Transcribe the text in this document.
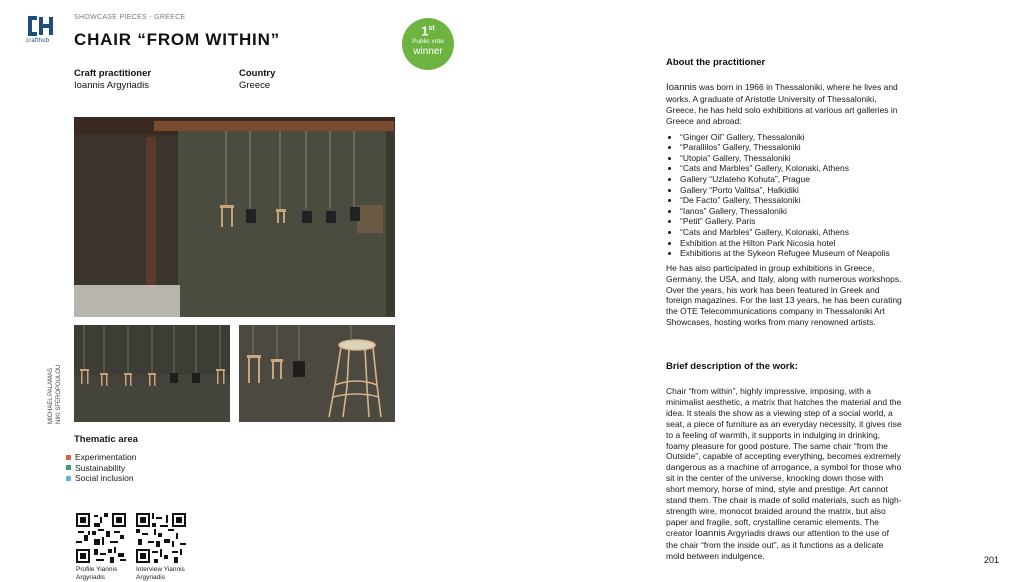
crafthub
SHOWCASE PIECES - GREECE
CHAIR “FROM WITHIN”	1st
Public vote
winner
Craft practitioner
Ioannis Argyriadis
Country
Greece
MICHAEL PALAMAS NIKI SFEROPOULOU
Thematic area
Experimentation
Sustainability
Social inclusion
Profile Yiannis
Argyriadis
Interview Yiannis
Argyriadis
About the practitioner

Ioannis was born in 1966 in Thessaloniki, where he lives and works. A graduate of Aristotle University of Thessaloniki, Greece, he has held solo exhibitions at various art galleries in Greece and abroad:

• “Ginger Oil” Gallery, Thessaloniki
• “Parallilos” Gallery, Thessaloniki
• “Utopia” Gallery, Thessaloniki
• “Cats and Marbles” Gallery, Kolonaki, Athens
• Gallery “Uzlateho Kohuta”, Prague
• Gallery “Porto Valitsa”, Halkidiki
• “De Facto” Gallery, Thessaloniki
• “Ianos” Gallery, Thessaloniki
• “Petit” Gallery. Paris
• “Cats and Marbles” Gallery, Kolonaki, Athens
• Exhibition at the Hilton Park Nicosia hotel
• Exhibitions at the Sykeon Refugee Museum of Neapolis

He has also participated in group exhibitions in Greece, Germany, the USA, and Italy, along with numerous workshops. Over the years, his work has been featured in Greek and foreign magazines. For the last 13 years, he has been curating the OTE Telecommunications company in Thessaloniki Art Showcases, hosting works from many renowned artists.

Brief description of the work:

Chair “from within”, highly impressive, imposing, with a minimalist aesthetic, a matrix that hatches the material and the idea. It steals the show as a viewing step of a social world, a seat, a piece of furniture as an everyday necessity, it gives rise to a feeling of warmth, it supports in indulging in drinking, foamy pleasure for good posture. The same chair “from the Outside”, capable of accepting everything, becomes extremely dangerous as a machine of arrogance, a symbol for those who sit in the center of the universe, knocking down those with short memory, horse of mind, style and prestige. Art cannot stand them. The chair is made of solid materials, such as high-strength wire, monocot braided around the matrix, but also paper and fragile, soft, crystalline ceramic elements. The creator Ioannis Argyriadis draws our attention to the use of the chair “from the inside out”, as it functions as a delicate mold between indulgence.	201
